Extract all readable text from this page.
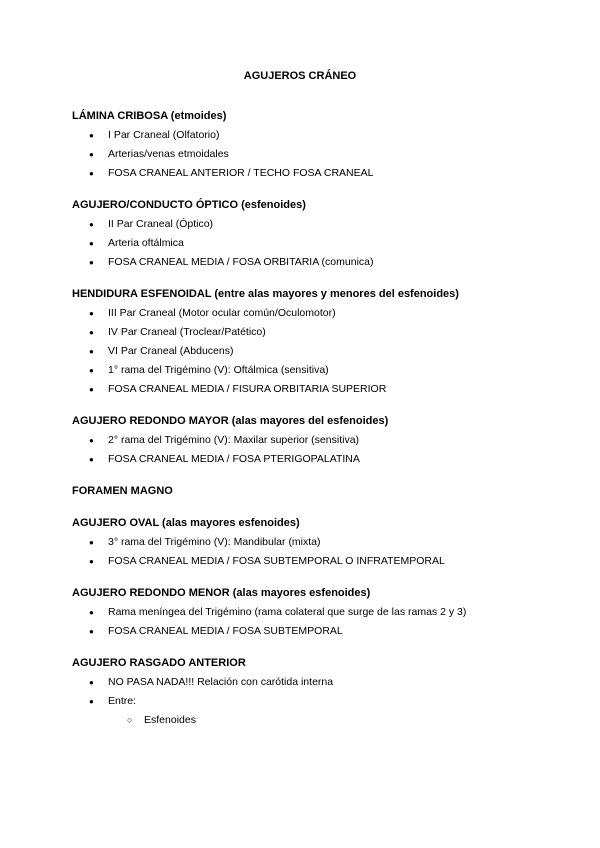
AGUJEROS CRÁNEO
LÁMINA CRIBOSA (etmoides)
● I Par Craneal (Olfatorio)
● Arterias/venas etmoidales
● FOSA CRANEAL ANTERIOR / TECHO FOSA CRANEAL
AGUJERO/CONDUCTO ÓPTICO (esfenoides)
● II Par Craneal (Óptico)
● Arteria oftálmica
● FOSA CRANEAL MEDIA / FOSA ORBITARIA (comunica)
HENDIDURA ESFENOIDAL (entre alas mayores y menores del esfenoides)
● III Par Craneal (Motor ocular común/Oculomotor)
● IV Par Craneal (Troclear/Patético)
● VI Par Craneal (Abducens)
● 1° rama del Trigémino (V): Oftálmica (sensitiva)
● FOSA CRANEAL MEDIA / FISURA ORBITARIA SUPERIOR
AGUJERO REDONDO MAYOR (alas mayores del esfenoides)
● 2° rama del Trigémino (V): Maxilar superior (sensitiva)
● FOSA CRANEAL MEDIA / FOSA PTERIGOPALATINA
FORAMEN MAGNO
AGUJERO OVAL (alas mayores esfenoides)
● 3° rama del Trigémino (V): Mandibular (mixta)
● FOSA CRANEAL MEDIA / FOSA SUBTEMPORAL O INFRATEMPORAL
AGUJERO REDONDO MENOR (alas mayores esfenoides)
● Rama meníngea del Trigémino (rama colateral que surge de las ramas 2 y 3)
● FOSA CRANEAL MEDIA / FOSA SUBTEMPORAL
AGUJERO RASGADO ANTERIOR
● NO PASA NADA!!! Relación con carótida interna
● Entre:
○ Esfenoides
